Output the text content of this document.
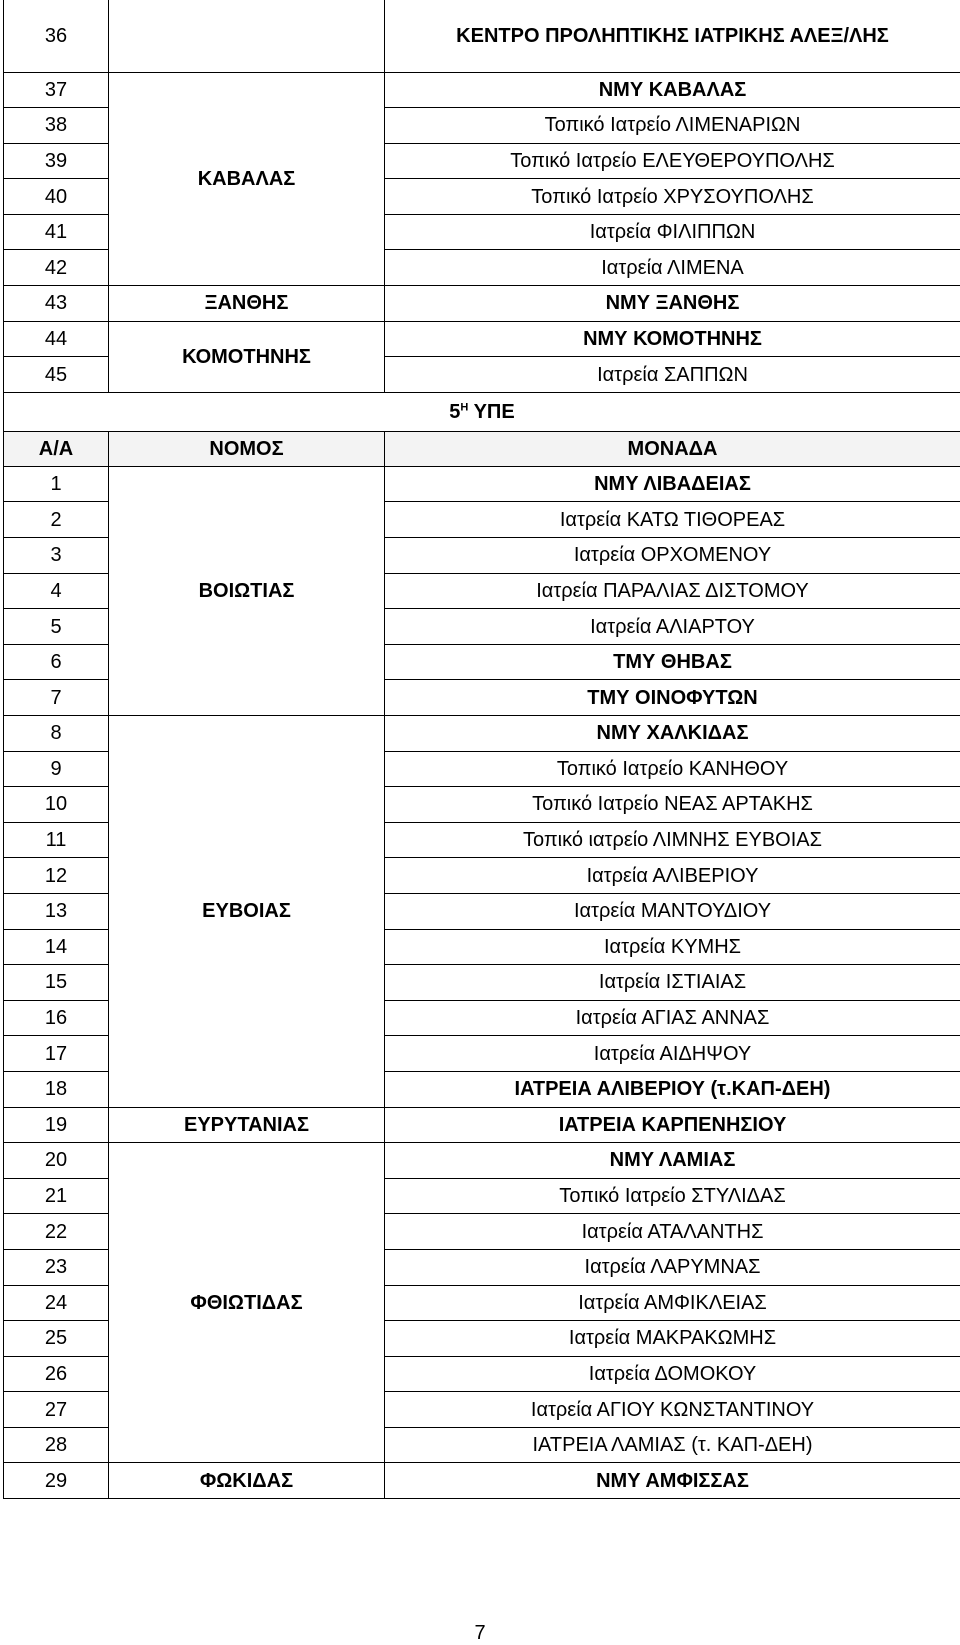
36		ΚΕΝΤΡΟ ΠΡΟΛΗΠΤΙΚΗΣ ΙΑΤΡΙΚΗΣ ΑΛΕΞ/ΛΗΣ
37	ΚΑΒΑΛΑΣ	ΝΜΥ ΚΑΒΑΛΑΣ
38		Τοπικό Ιατρείο ΛΙΜΕΝΑΡΙΩΝ
39		Τοπικό Ιατρείο ΕΛΕΥΘΕΡΟΥΠΟΛΗΣ
40		Τοπικό Ιατρείο ΧΡΥΣΟΥΠΟΛΗΣ
41		Ιατρεία ΦΙΛΙΠΠΩΝ
42		Ιατρεία ΛΙΜΕΝΑ
43	ΞΑΝΘΗΣ	ΝΜΥ ΞΑΝΘΗΣ
44	ΚΟΜΟΤΗΝΗΣ	ΝΜΥ ΚΟΜΟΤΗΝΗΣ
45		Ιατρεία ΣΑΠΠΩΝ
$5^H$ ΥΠΕ		
Α/Α	ΝΟΜΟΣ	ΜΟΝΑΔΑ
1	ΒΟΙΩΤΙΑΣ	ΝΜΥ ΛΙΒΑΔΕΙΑΣ
2		Ιατρεία ΚΑΤΩ ΤΙΘΟΡΕΑΣ
3		Ιατρεία ΟΡΧΟΜΕΝΟΥ
4		Ιατρεία ΠΑΡΑΛΙΑΣ ΔΙΣΤΟΜΟΥ
5		Ιατρεία ΑΛΙΑΡΤΟΥ
6		ΤΜΥ ΘΗΒΑΣ
7		ΤΜΥ ΟΙΝΟΦΥΤΩΝ
8	ΕΥΒΟΙΑΣ	ΝΜΥ ΧΑΛΚΙΔΑΣ
9		Τοπικό Ιατρείο ΚΑΝΗΘΟΥ
10		Τοπικό Ιατρείο ΝΕΑΣ ΑΡΤΑΚΗΣ
11		Τοπικό ιατρείο ΛΙΜΝΗΣ ΕΥΒΟΙΑΣ
12		Ιατρεία ΑΛΙΒΕΡΙΟΥ
13		Ιατρεία ΜΑΝΤΟΥΔΙΟΥ
14		Ιατρεία ΚΥΜΗΣ
15		Ιατρεία ΙΣΤΙΑΙΑΣ
16		Ιατρεία ΑΓΙΑΣ ΑΝΝΑΣ
17		Ιατρεία ΑΙΔΗΨΟΥ
18		ΙΑΤΡΕΙΑ ΑΛΙΒΕΡΙΟΥ (τ.ΚΑΠ-ΔΕΗ)
19	ΕΥΡΥΤΑΝΙΑΣ	ΙΑΤΡΕΙΑ ΚΑΡΠΕΝΗΣΙΟΥ
20	ΦΘΙΩΤΙΔΑΣ	ΝΜΥ ΛΑΜΙΑΣ
21		Τοπικό Ιατρείο ΣΤΥΛΙΔΑΣ
22		Ιατρεία ΑΤΑΛΑΝΤΗΣ
23		Ιατρεία ΛΑΡΥΜΝΑΣ
24		Ιατρεία ΑΜΦΙΚΛΕΙΑΣ
25		Ιατρεία ΜΑΚΡΑΚΩΜΗΣ
26		Ιατρεία ΔΟΜΟΚΟΥ
27		Ιατρεία ΑΓΙΟΥ ΚΩΝΣΤΑΝΤΙΝΟΥ
28		ΙΑΤΡΕΙΑ ΛΑΜΙΑΣ (τ. ΚΑΠ-ΔΕΗ)
29	ΦΩΚΙΔΑΣ	ΝΜΥ ΑΜΦΙΣΣΑΣ
7
